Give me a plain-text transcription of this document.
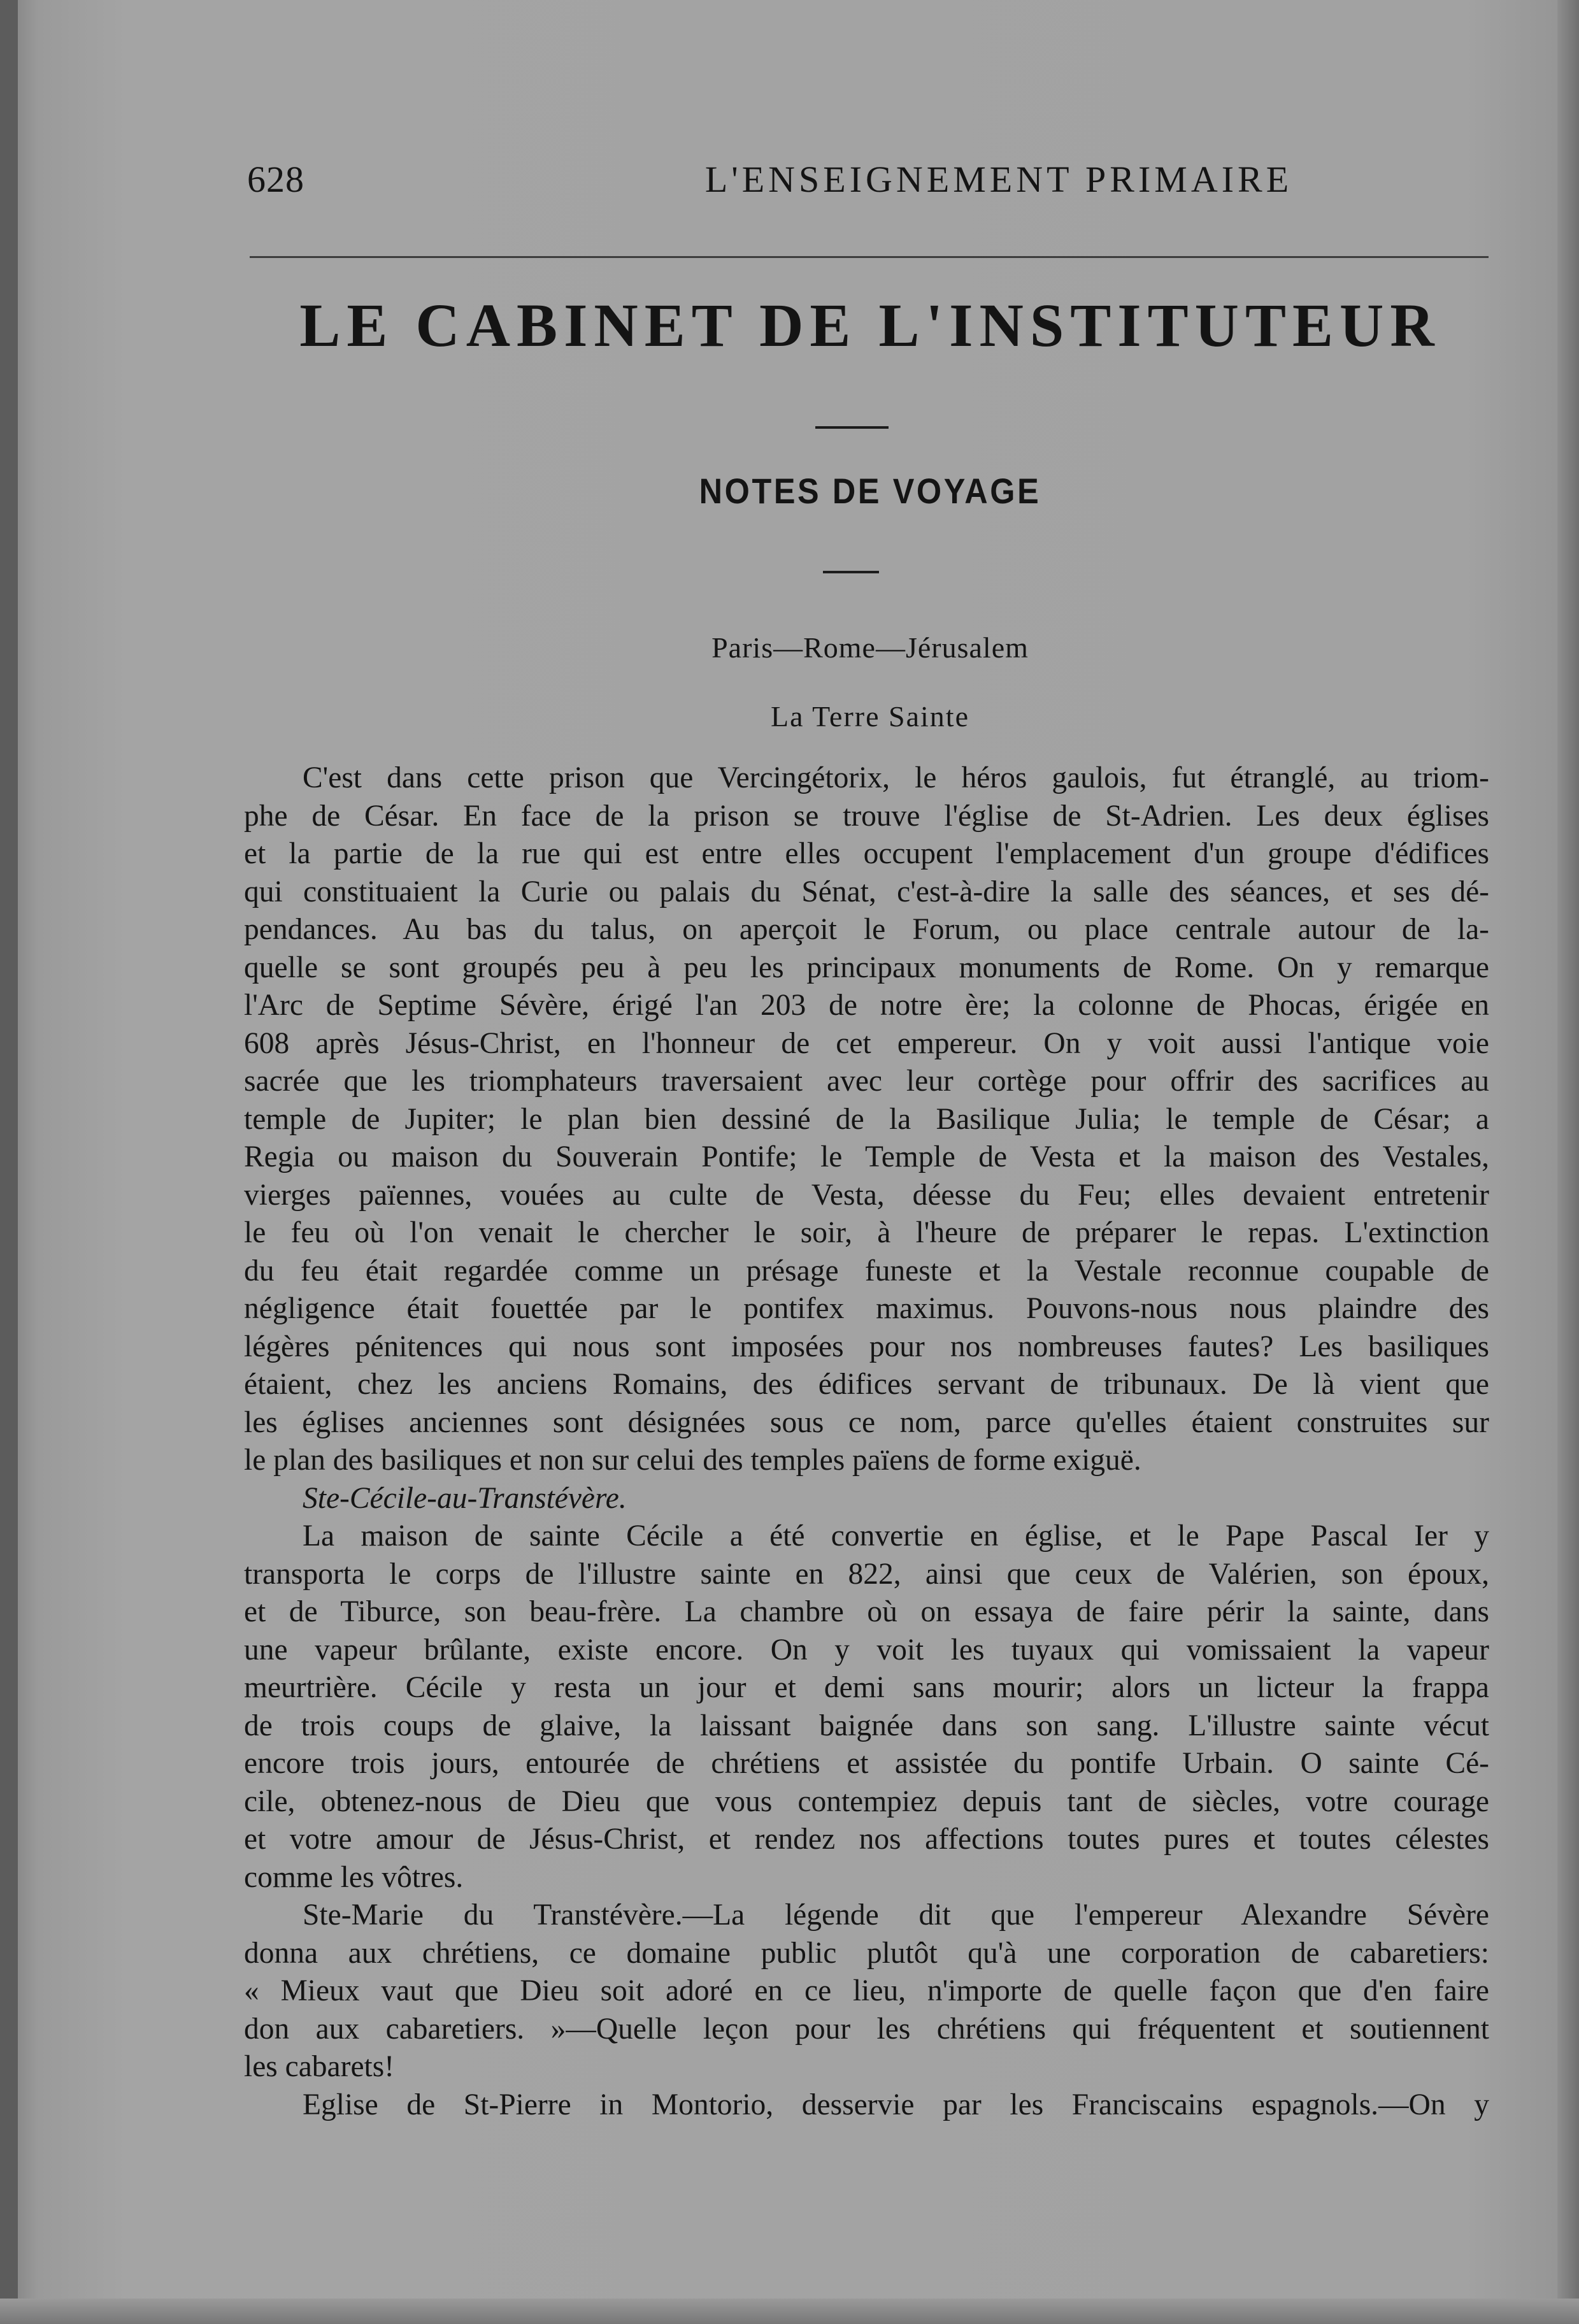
628	L'ENSEIGNEMENT PRIMAIRE
LE CABINET DE L'INSTITUTEUR
NOTES DE VOYAGE
Paris—Rome—Jérusalem
La Terre Sainte
C'est dans cette prison que Vercingétorix, le héros gaulois, fut étranglé, au triom-
phe de César. En face de la prison se trouve l'église de St-Adrien. Les deux églises
et la partie de la rue qui est entre elles occupent l'emplacement d'un groupe d'édifices
qui constituaient la Curie ou palais du Sénat, c'est-à-dire la salle des séances, et ses dé-
pendances. Au bas du talus, on aperçoit le Forum, ou place centrale autour de la-
quelle se sont groupés peu à peu les principaux monuments de Rome. On y remarque
l'Arc de Septime Sévère, érigé l'an 203 de notre ère; la colonne de Phocas, érigée en
608 après Jésus-Christ, en l'honneur de cet empereur. On y voit aussi l'antique voie
sacrée que les triomphateurs traversaient avec leur cortège pour offrir des sacrifices au
temple de Jupiter; le plan bien dessiné de la Basilique Julia; le temple de César; a
Regia ou maison du Souverain Pontife; le Temple de Vesta et la maison des Vestales,
vierges païennes, vouées au culte de Vesta, déesse du Feu; elles devaient entretenir
le feu où l'on venait le chercher le soir, à l'heure de préparer le repas. L'extinction
du feu était regardée comme un présage funeste et la Vestale reconnue coupable de
négligence était fouettée par le pontifex maximus. Pouvons-nous nous plaindre des
légères pénitences qui nous sont imposées pour nos nombreuses fautes? Les basiliques
étaient, chez les anciens Romains, des édifices servant de tribunaux. De là vient que
les églises anciennes sont désignées sous ce nom, parce qu'elles étaient construites sur
le plan des basiliques et non sur celui des temples païens de forme exiguë.
Ste-Cécile-au-Transtévère.
La maison de sainte Cécile a été convertie en église, et le Pape Pascal Ier y
transporta le corps de l'illustre sainte en 822, ainsi que ceux de Valérien, son époux,
et de Tiburce, son beau-frère. La chambre où on essaya de faire périr la sainte, dans
une vapeur brûlante, existe encore. On y voit les tuyaux qui vomissaient la vapeur
meurtrière. Cécile y resta un jour et demi sans mourir; alors un licteur la frappa
de trois coups de glaive, la laissant baignée dans son sang. L'illustre sainte vécut
encore trois jours, entourée de chrétiens et assistée du pontife Urbain. O sainte Cé-
cile, obtenez-nous de Dieu que vous contempiez depuis tant de siècles, votre courage
et votre amour de Jésus-Christ, et rendez nos affections toutes pures et toutes célestes
comme les vôtres.
Ste-Marie du Transtévère.—La légende dit que l'empereur Alexandre Sévère
donna aux chrétiens, ce domaine public plutôt qu'à une corporation de cabaretiers:
« Mieux vaut que Dieu soit adoré en ce lieu, n'importe de quelle façon que d'en faire
don aux cabaretiers. »—Quelle leçon pour les chrétiens qui fréquentent et soutiennent
les cabarets!
Eglise de St-Pierre in Montorio, desservie par les Franciscains espagnols.—On y
